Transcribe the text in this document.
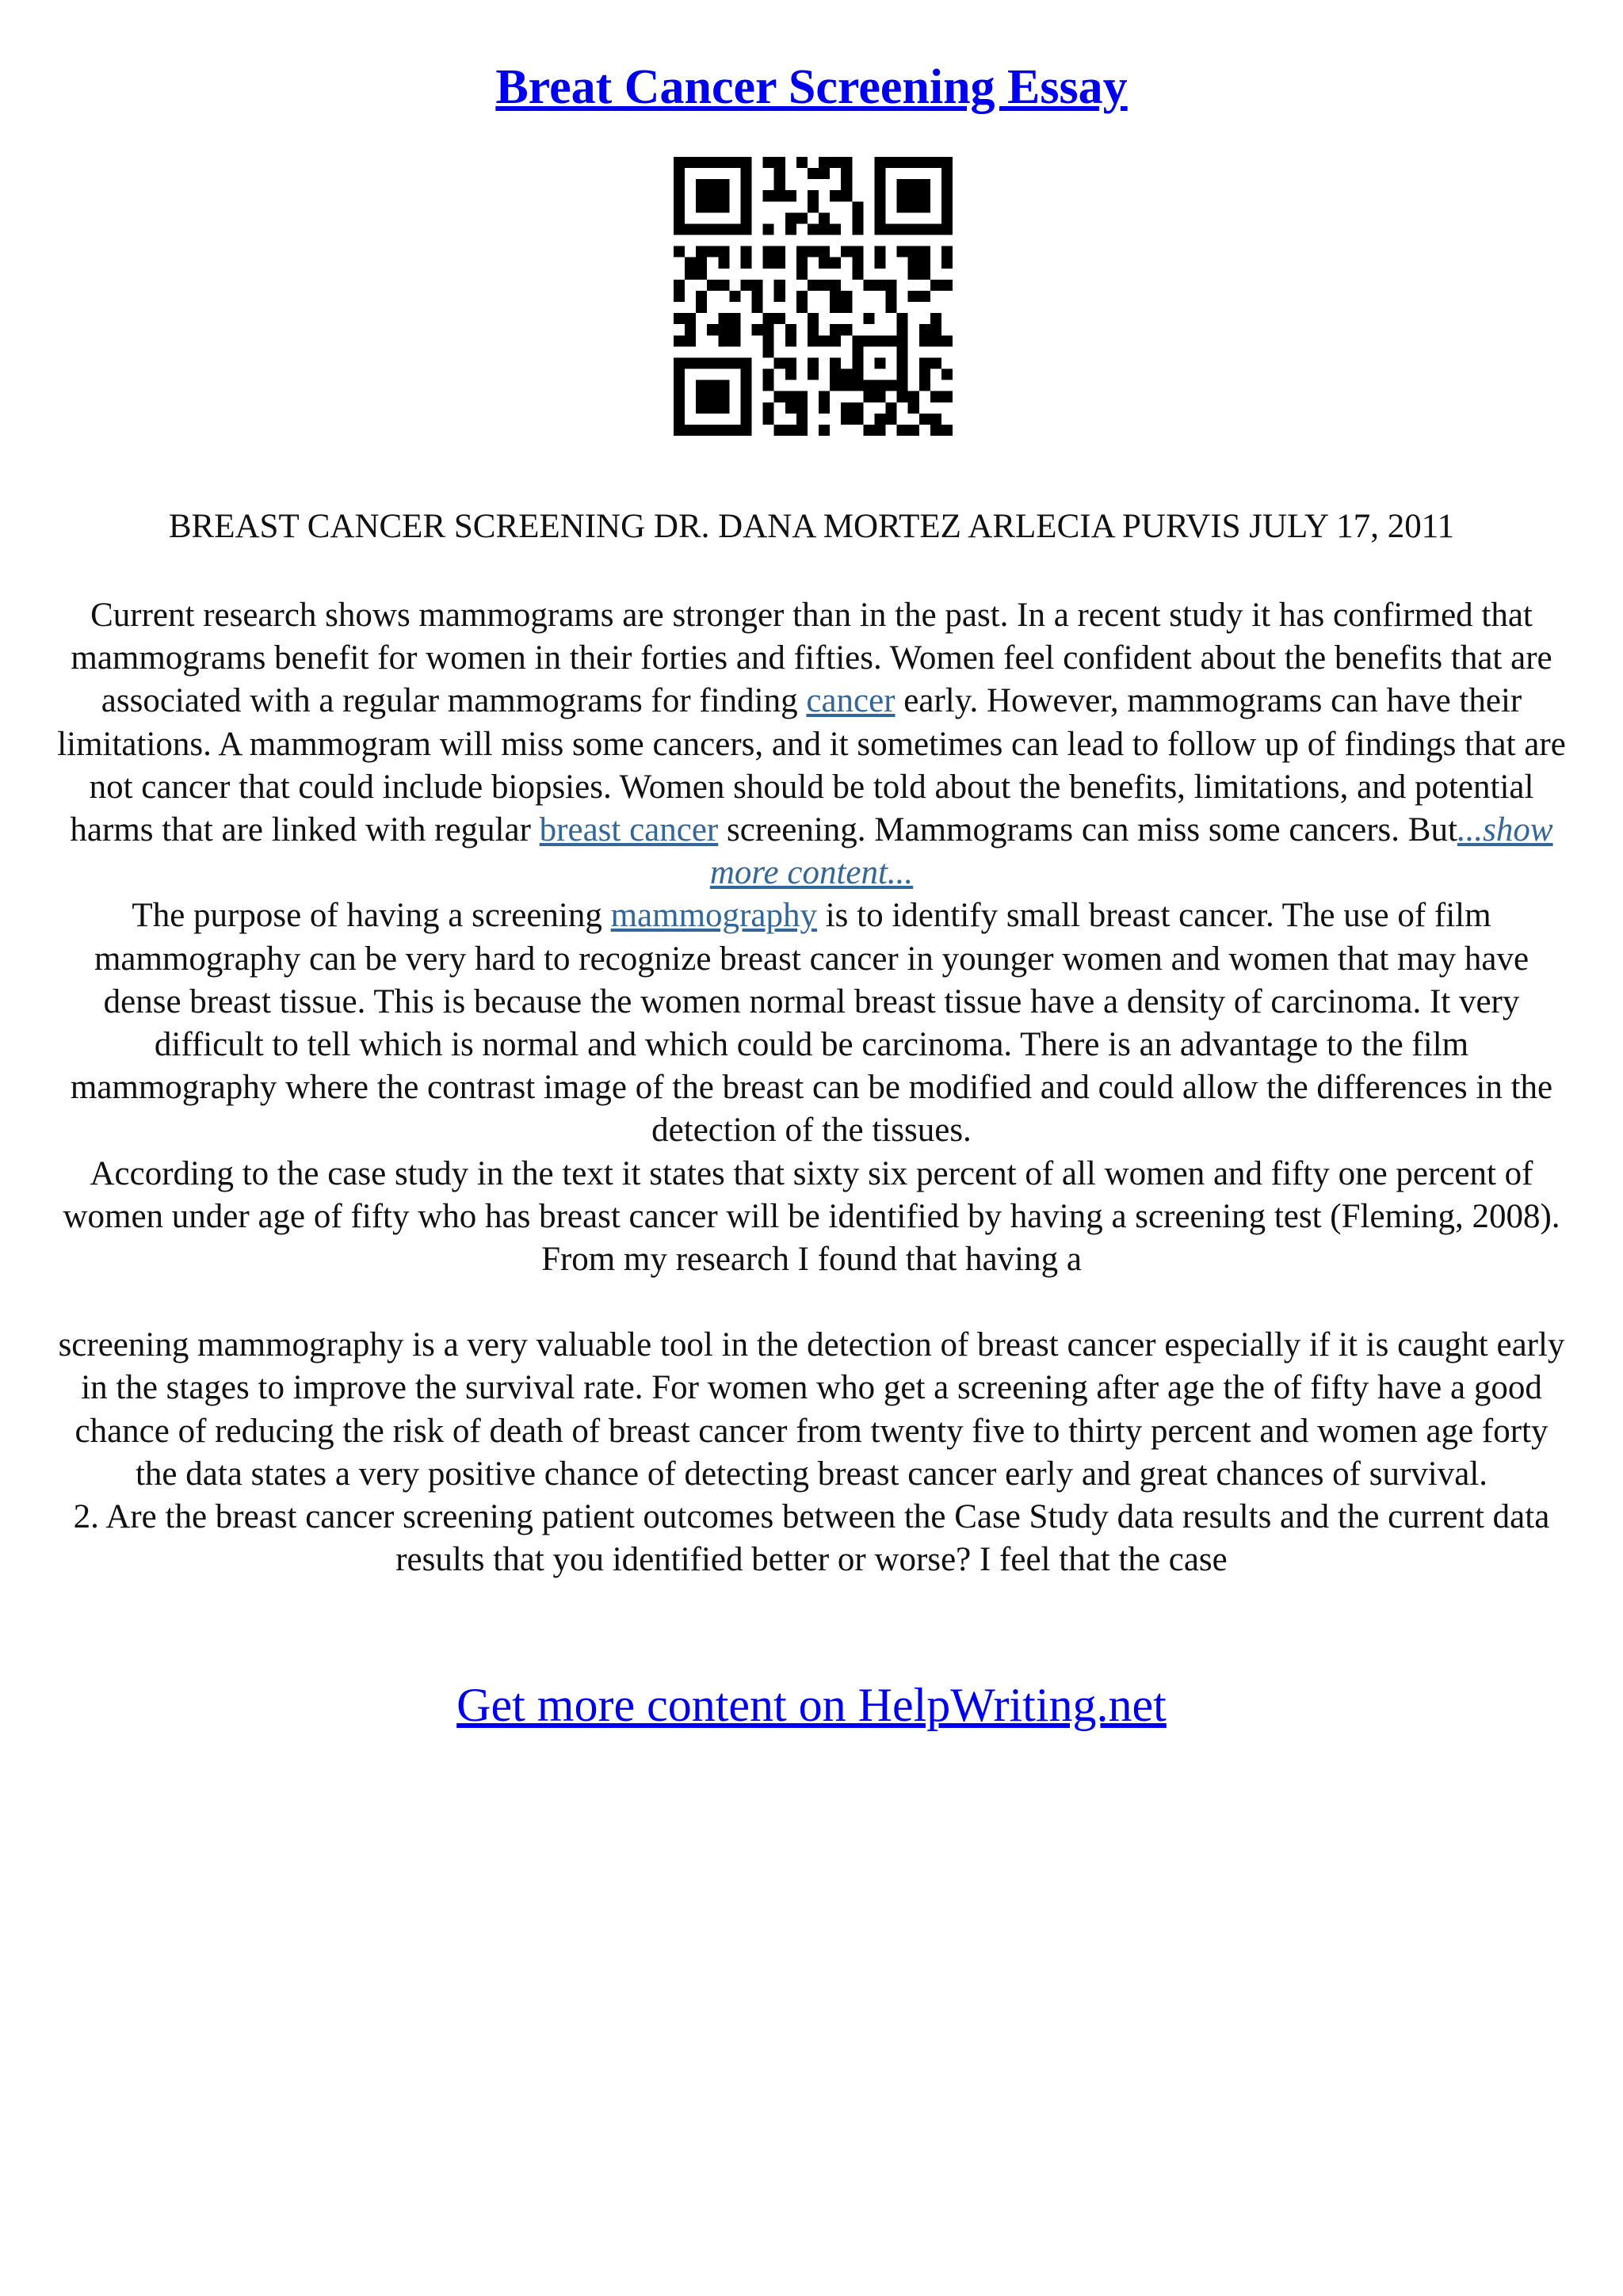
Breat Cancer Screening Essay
BREAST CANCER SCREENING DR. DANA MORTEZ ARLECIA PURVIS JULY 17, 2011

Current research shows mammograms are stronger than in the past. In a recent study it has confirmed that mammograms benefit for women in their forties and fifties. Women feel confident about the benefits that are associated with a regular mammograms for finding cancer early. However, mammograms can have their limitations. A mammogram will miss some cancers, and it sometimes can lead to follow up of findings that are not cancer that could include biopsies. Women should be told about the benefits, limitations, and potential harms that are linked with regular breast cancer screening. Mammograms can miss some cancers. But...show more content...

The purpose of having a screening mammography is to identify small breast cancer. The use of film mammography can be very hard to recognize breast cancer in younger women and women that may have dense breast tissue. This is because the women normal breast tissue have a density of carcinoma. It very difficult to tell which is normal and which could be carcinoma. There is an advantage to the film mammography where the contrast image of the breast can be modified and could allow the differences in the detection of the tissues.

According to the case study in the text it states that sixty six percent of all women and fifty one percent of women under age of fifty who has breast cancer will be identified by having a screening test (Fleming, 2008). From my research I found that having a

screening mammography is a very valuable tool in the detection of breast cancer especially if it is caught early in the stages to improve the survival rate. For women who get a screening after age the of fifty have a good chance of reducing the risk of death of breast cancer from twenty five to thirty percent and women age forty the data states a very positive chance of detecting breast cancer early and great chances of survival.

2. Are the breast cancer screening patient outcomes between the Case Study data results and the current data results that you identified better or worse? I feel that the case

Get more content on HelpWriting.net
